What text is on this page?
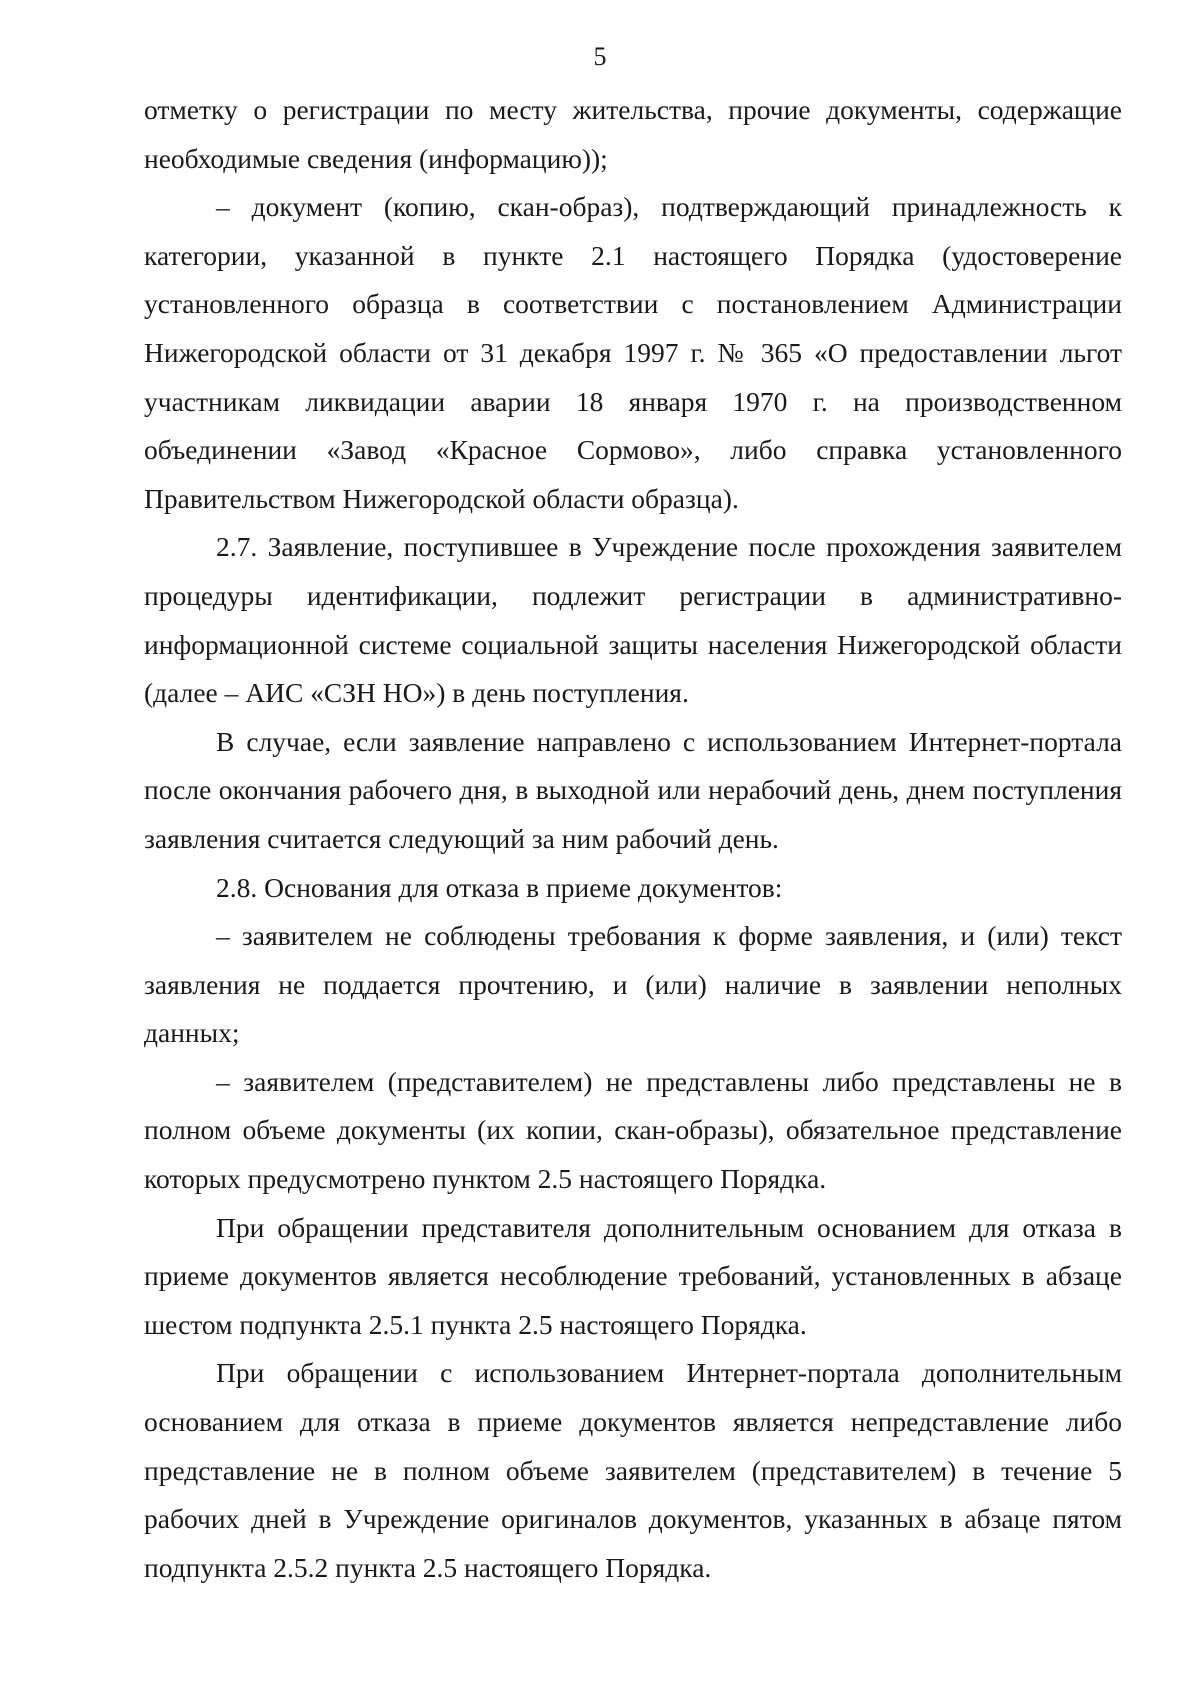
5

отметку о регистрации по месту жительства, прочие документы, содержащие необходимые сведения (информацию));

– документ (копию, скан-образ), подтверждающий принадлежность к категории, указанной в пункте 2.1 настоящего Порядка (удостоверение установленного образца в соответствии с постановлением Администрации Нижегородской области от 31 декабря 1997 г. № 365 «О предоставлении льгот участникам ликвидации аварии 18 января 1970 г. на производственном объединении «Завод «Красное Сормово», либо справка установленного Правительством Нижегородской области образца).

2.7. Заявление, поступившее в Учреждение после прохождения заявителем процедуры идентификации, подлежит регистрации в административно-информационной системе социальной защиты населения Нижегородской области (далее – АИС «СЗН НО») в день поступления.

В случае, если заявление направлено с использованием Интернет-портала после окончания рабочего дня, в выходной или нерабочий день, днем поступления заявления считается следующий за ним рабочий день.

2.8. Основания для отказа в приеме документов:

– заявителем не соблюдены требования к форме заявления, и (или) текст заявления не поддается прочтению, и (или) наличие в заявлении неполных данных;

– заявителем (представителем) не представлены либо представлены не в полном объеме документы (их копии, скан-образы), обязательное представление которых предусмотрено пунктом 2.5 настоящего Порядка.

При обращении представителя дополнительным основанием для отказа в приеме документов является несоблюдение требований, установленных в абзаце шестом подпункта 2.5.1 пункта 2.5 настоящего Порядка.

При обращении с использованием Интернет-портала дополнительным основанием для отказа в приеме документов является непредставление либо представление не в полном объеме заявителем (представителем) в течение 5 рабочих дней в Учреждение оригиналов документов, указанных в абзаце пятом подпункта 2.5.2 пункта 2.5 настоящего Порядка.
